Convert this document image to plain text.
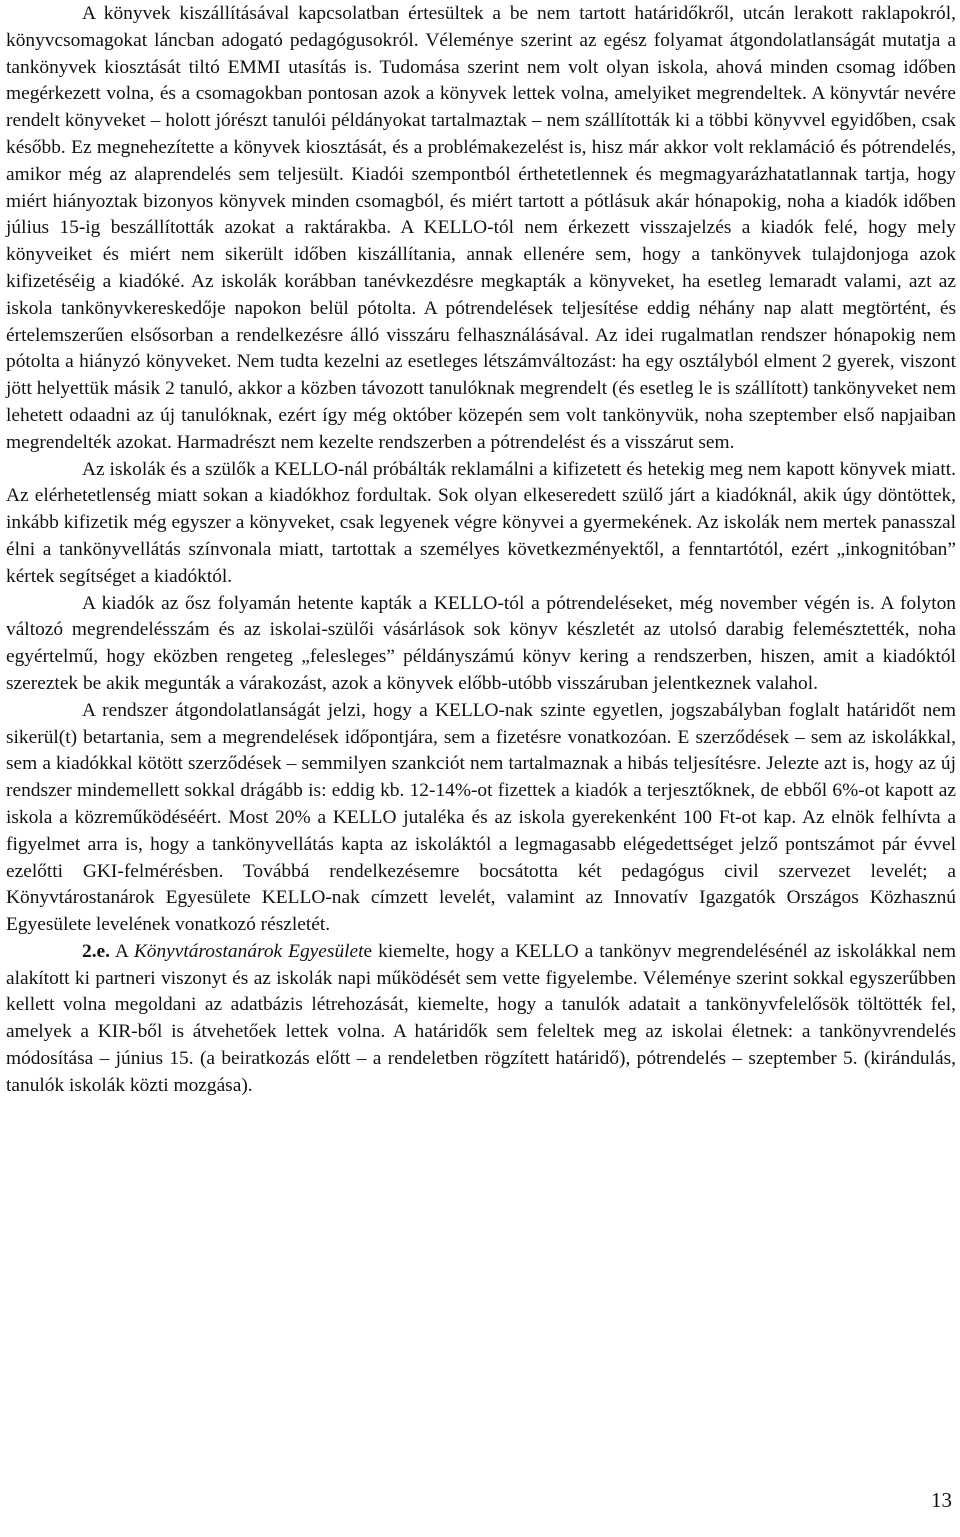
A könyvek kiszállításával kapcsolatban értesültek a be nem tartott határidőkről, utcán lerakott raklapokról, könyvcsomagokat láncban adogató pedagógusokról. Véleménye szerint az egész folyamat átgondolatlanságát mutatja a tankönyvek kiosztását tiltó EMMI utasítás is. Tudomása szerint nem volt olyan iskola, ahová minden csomag időben megérkezett volna, és a csomagokban pontosan azok a könyvek lettek volna, amelyiket megrendeltek. A könyvtár nevére rendelt könyveket – holott jórészt tanulói példányokat tartalmaztak – nem szállították ki a többi könyvvel egyidőben, csak később. Ez megnehezítette a könyvek kiosztását, és a problémakezelést is, hisz már akkor volt reklamáció és pótrendelés, amikor még az alaprendelés sem teljesült. Kiadói szempontból érthetetlennek és megmagyarázhatatlannak tartja, hogy miért hiányoztak bizonyos könyvek minden csomagból, és miért tartott a pótlásuk akár hónapokig, noha a kiadók időben július 15-ig beszállították azokat a raktárakba. A KELLO-tól nem érkezett visszajelzés a kiadók felé, hogy mely könyveiket és miért nem sikerült időben kiszállítania, annak ellenére sem, hogy a tankönyvek tulajdonjoga azok kifizetéséig a kiadóké. Az iskolák korábban tanévkezdésre megkapták a könyveket, ha esetleg lemaradt valami, azt az iskola tankönyvkereskedője napokon belül pótolta. A pótrendelések teljesítése eddig néhány nap alatt megtörtént, és értelemszerűen elsősorban a rendelkezésre álló visszáru felhasználásával. Az idei rugalmatlan rendszer hónapokig nem pótolta a hiányzó könyveket. Nem tudta kezelni az esetleges létszámváltozást: ha egy osztályból elment 2 gyerek, viszont jött helyettük másik 2 tanuló, akkor a közben távozott tanulóknak megrendelt (és esetleg le is szállított) tankönyveket nem lehetett odaadni az új tanulóknak, ezért így még október közepén sem volt tankönyvük, noha szeptember első napjaiban megrendelték azokat. Harmadrészt nem kezelte rendszerben a pótrendelést és a visszárut sem.

Az iskolák és a szülők a KELLO-nál próbálták reklamálni a kifizetett és hetekig meg nem kapott könyvek miatt. Az elérhetetlenség miatt sokan a kiadókhoz fordultak. Sok olyan elkeseredett szülő járt a kiadóknál, akik úgy döntöttek, inkább kifizetik még egyszer a könyveket, csak legyenek végre könyvei a gyermekének. Az iskolák nem mertek panasszal élni a tankönyvellátás színvonala miatt, tartottak a személyes következményektől, a fenntartótól, ezért „inkognitóban” kértek segítséget a kiadóktól.

A kiadók az ősz folyamán hetente kapták a KELLO-tól a pótrendeléseket, még november végén is. A folyton változó megrendelésszám és az iskolai-szülői vásárlások sok könyv készletét az utolsó darabig felemésztették, noha egyértelmű, hogy eközben rengeteg „felesleges” példányszámú könyv kering a rendszerben, hiszen, amit a kiadóktól szereztek be akik megunták a várakozást, azok a könyvek előbb-utóbb visszáruban jelentkeznek valahol.

A rendszer átgondolatlanságát jelzi, hogy a KELLO-nak szinte egyetlen, jogszabályban foglalt határidőt nem sikerül(t) betartania, sem a megrendelések időpontjára, sem a fizetésre vonatkozóan. E szerződések – sem az iskolákkal, sem a kiadókkal kötött szerződések – semmilyen szankciót nem tartalmaznak a hibás teljesítésre. Jelezte azt is, hogy az új rendszer mindemellett sokkal drágább is: eddig kb. 12-14%-ot fizettek a kiadók a terjesztőknek, de ebből 6%-ot kapott az iskola a közreműködéséért. Most 20% a KELLO jutaléka és az iskola gyerekenként 100 Ft-ot kap. Az elnök felhívta a figyelmet arra is, hogy a tankönyvellátás kapta az iskoláktól a legmagasabb elégedettséget jelző pontszámot pár évvel ezelőtti GKI-felmérésben. Továbbá rendelkezésemre bocsátotta két pedagógus civil szervezet levelét; a Könyvtárostanárok Egyesülete KELLO-nak címzett levelét, valamint az Innovatív Igazgatók Országos Közhasznú Egyesülete levelének vonatkozó részletét.

2.e. A Könyvtárostanárok Egyesülete kiemelte, hogy a KELLO a tankönyv megrendelésénél az iskolákkal nem alakított ki partneri viszonyt és az iskolák napi működését sem vette figyelembe. Véleménye szerint sokkal egyszerűbben kellett volna megoldani az adatbázis létrehozását, kiemelte, hogy a tanulók adatait a tankönyvfelelősök töltötték fel, amelyek a KIR-ből is átvehetőek lettek volna. A határidők sem feleltek meg az iskolai életnek: a tankönyvrendelés módosítása – június 15. (a beiratkozás előtt – a rendeletben rögzített határidő), pótrendelés – szeptember 5. (kirándulás, tanulók iskolák közti mozgása).

13
